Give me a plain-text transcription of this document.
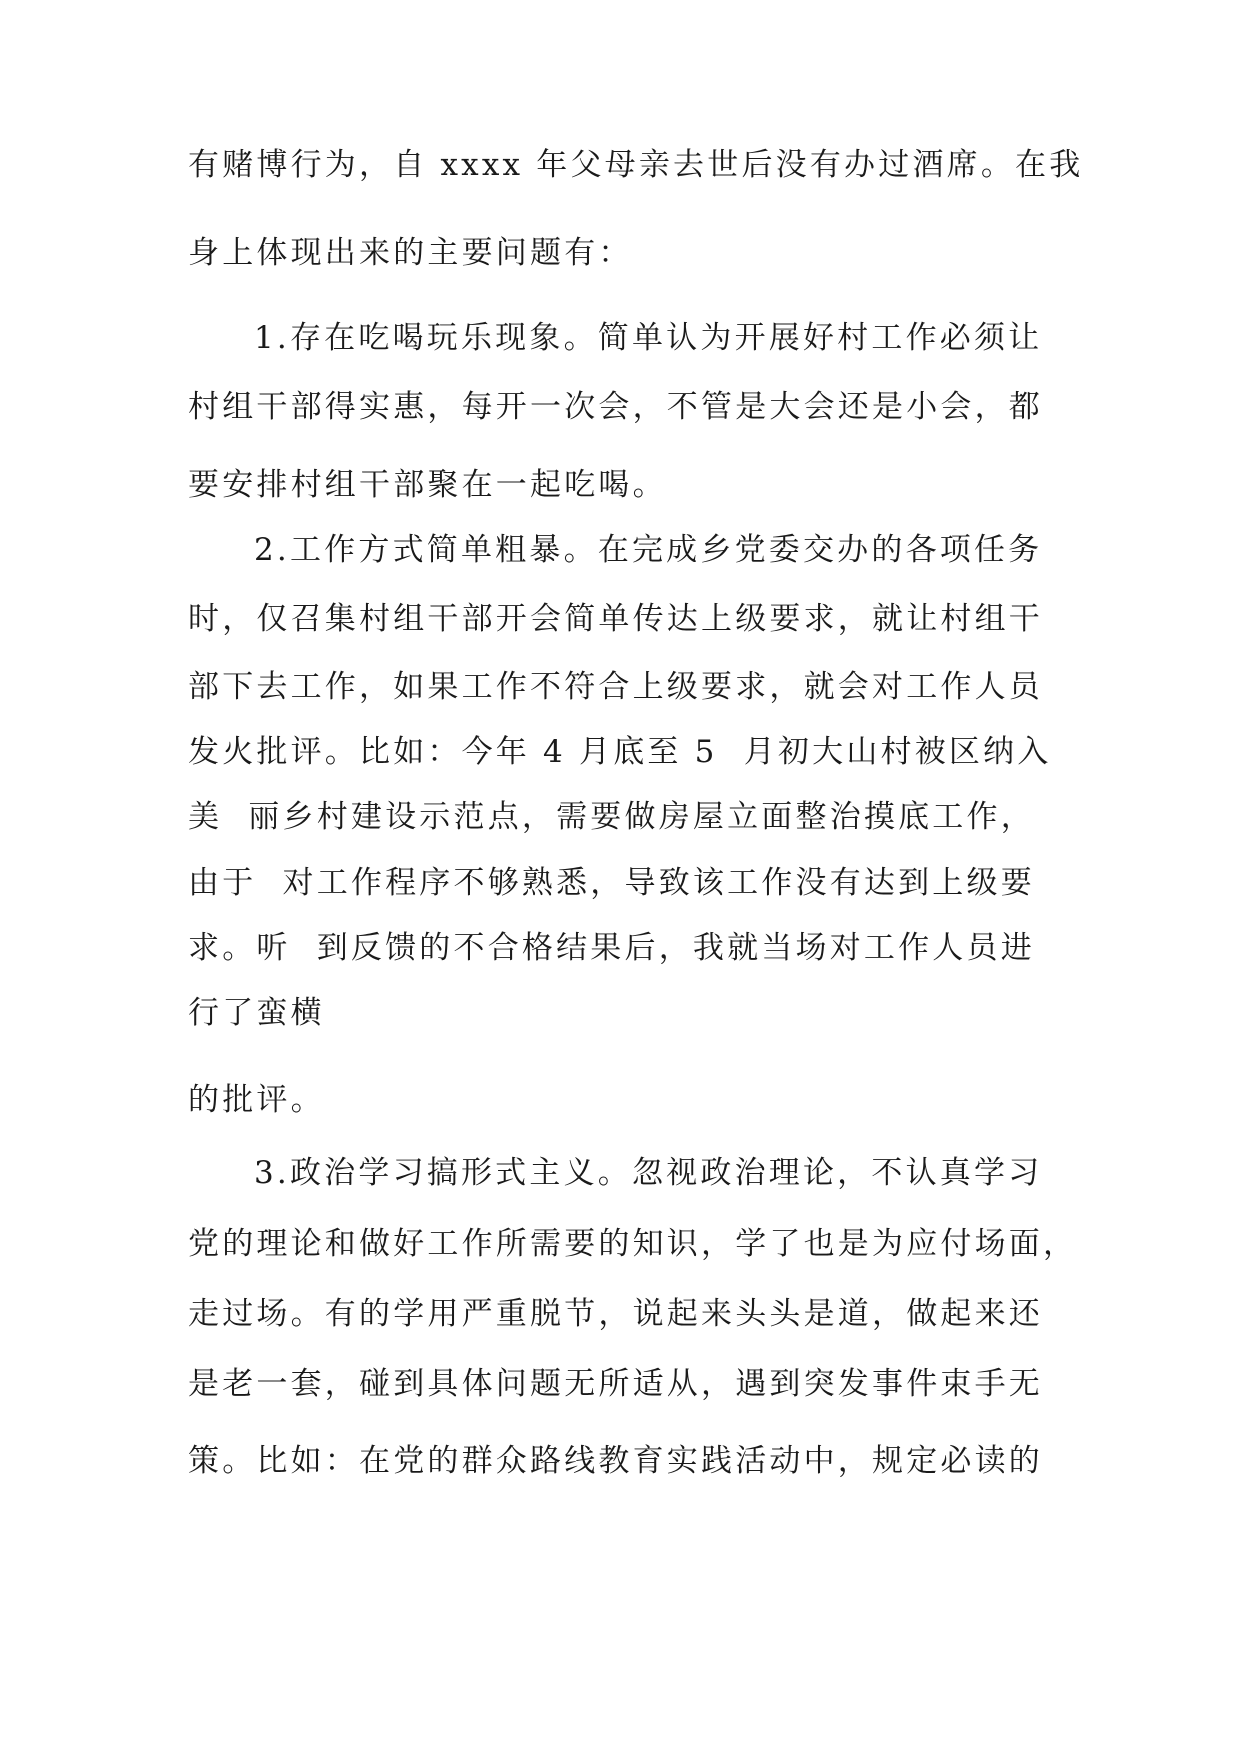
有赌博行为，自 xxxx 年父母亲去世后没有办过酒席。在我
身上体现出来的主要问题有：
1.存在吃喝玩乐现象。简单认为开展好村工作必须让
村组干部得实惠，每开一次会，不管是大会还是小会，都
要安排村组干部聚在一起吃喝。
2.工作方式简单粗暴。在完成乡党委交办的各项任务
时，仅召集村组干部开会简单传达上级要求，就让村组干
部下去工作，如果工作不符合上级要求，就会对工作人员
发火批评。比如：今年 4 月底至 5  月初大山村被区纳入
美  丽乡村建设示范点，需要做房屋立面整治摸底工作，
由于  对工作程序不够熟悉，导致该工作没有达到上级要
求。听  到反馈的不合格结果后，我就当场对工作人员进
行了蛮横
的批评。
3.政治学习搞形式主义。忽视政治理论，不认真学习
党的理论和做好工作所需要的知识，学了也是为应付场面，
走过场。有的学用严重脱节，说起来头头是道，做起来还
是老一套，碰到具体问题无所适从，遇到突发事件束手无
策。比如：在党的群众路线教育实践活动中，规定必读的
